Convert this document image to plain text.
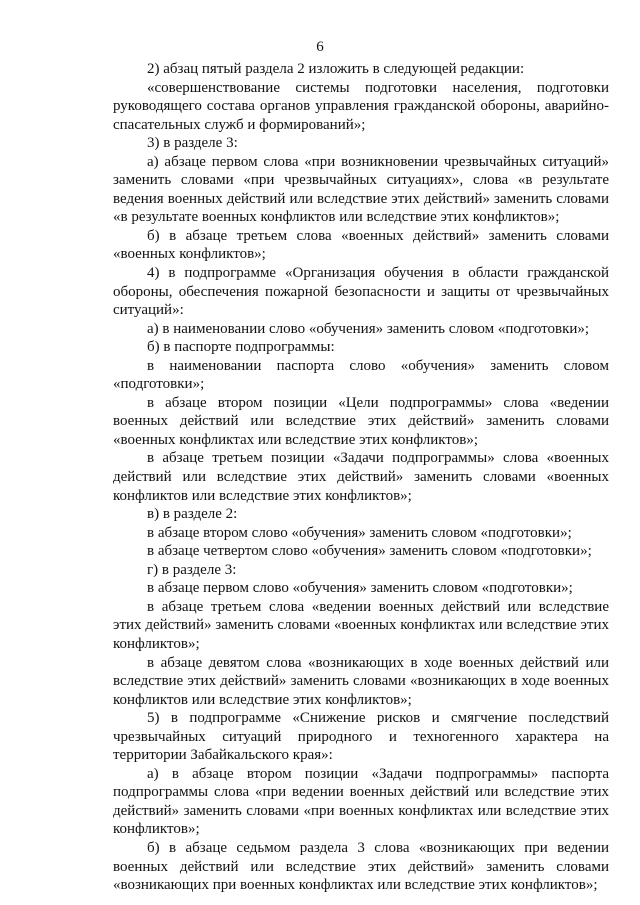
6

2) абзац пятый раздела 2 изложить в следующей редакции:

«совершенствование системы подготовки населения, подготовки руководящего состава органов управления гражданской обороны, аварийно-спасательных служб и формирований»;

3) в разделе 3:

а) абзаце первом слова «при возникновении чрезвычайных ситуаций» заменить словами «при чрезвычайных ситуациях», слова «в результате ведения военных действий или вследствие этих действий» заменить словами «в результате военных конфликтов или вследствие этих конфликтов»;

б) в абзаце третьем слова «военных действий» заменить словами «военных конфликтов»;

4) в подпрограмме «Организация обучения в области гражданской обороны, обеспечения пожарной безопасности и защиты от чрезвычайных ситуаций»:

а) в наименовании слово «обучения» заменить словом «подготовки»;

б) в паспорте подпрограммы:

в наименовании паспорта слово «обучения» заменить словом «подготовки»;

в абзаце втором позиции «Цели подпрограммы» слова «ведении военных действий или вследствие этих действий» заменить словами «военных конфликтах или вследствие этих конфликтов»;

в абзаце третьем позиции «Задачи подпрограммы» слова «военных действий или вследствие этих действий» заменить словами «военных конфликтов или вследствие этих конфликтов»;

в) в разделе 2:

в абзаце втором слово «обучения» заменить словом «подготовки»;

в абзаце четвертом слово «обучения» заменить словом «подготовки»;

г) в разделе 3:

в абзаце первом слово «обучения» заменить словом «подготовки»;

в абзаце третьем слова «ведении военных действий или вследствие этих действий» заменить словами «военных конфликтах или вследствие этих конфликтов»;

в абзаце девятом слова «возникающих в ходе военных действий или вследствие этих действий» заменить словами «возникающих в ходе военных конфликтов или вследствие этих конфликтов»;

5) в подпрограмме «Снижение рисков и смягчение последствий чрезвычайных ситуаций природного и техногенного характера на территории Забайкальского края»:

а) в абзаце втором позиции «Задачи подпрограммы» паспорта подпрограммы слова «при ведении военных действий или вследствие этих действий» заменить словами «при военных конфликтах или вследствие этих конфликтов»;

б) в абзаце седьмом раздела 3 слова «возникающих при ведении военных действий или вследствие этих действий» заменить словами «возникающих при военных конфликтах или вследствие этих конфликтов»;
